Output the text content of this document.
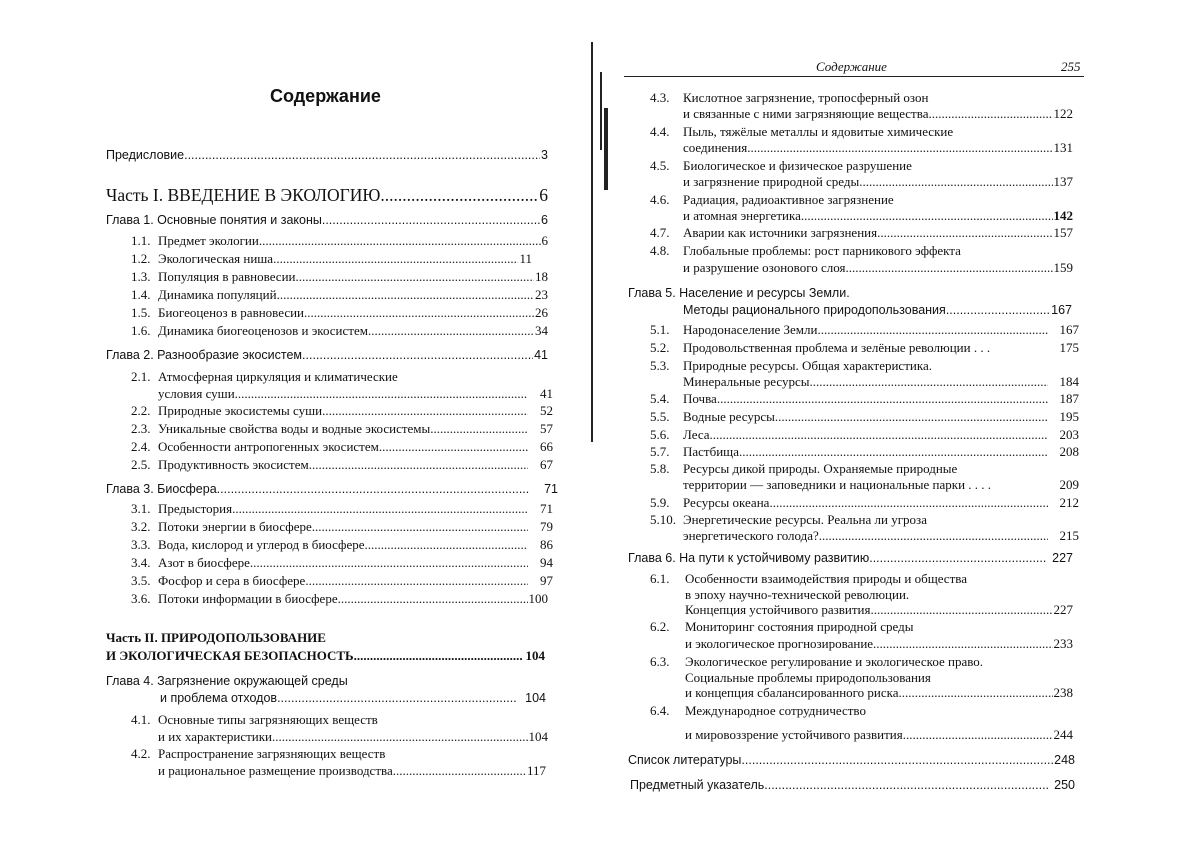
Содержание
Предисловие .....	3
Часть I. ВВЕДЕНИЕ В ЭКОЛОГИЮ .....	6
Глава 1. Основные понятия и законы .....	6
1.1. Предмет экологии .....	6
1.2. Экологическая ниша .....	11
1.3. Популяция в равновесии .....	18
1.4. Динамика популяций .....	23
1.5. Биогеоценоз в равновесии .....	26
1.6. Динамика биогеоценозов и экосистем .....	34
Глава 2. Разнообразие экосистем .....	41
2.1. Атмосферная циркуляция и климатические
условия суши .....	41
2.2. Природные экосистемы суши .....	52
2.3. Уникальные свойства воды и водные экосистемы .....	57
2.4. Особенности антропогенных экосистем .....	66
2.5. Продуктивность экосистем .....	67
Глава 3. Биосфера .....	71
3.1. Предыстория .....	71
3.2. Потоки энергии в биосфере .....	79
3.3. Вода, кислород и углерод в биосфере .....	86
3.4. Азот в биосфере .....	94
3.5. Фосфор и сера в биосфере .....	97
3.6. Потоки информации в биосфере .....	100
Часть II. ПРИРОДОПОЛЬЗОВАНИЕ
И ЭКОЛОГИЧЕСКАЯ БЕЗОПАСНОСТЬ .....	104
Глава 4. Загрязнение окружающей среды
и проблема отходов .....	104
4.1. Основные типы загрязняющих веществ
и их характеристики .....	104
4.2. Распространение загрязняющих веществ
и рациональное размещение производства .....	117
Содержание	255
4.3. Кислотное загрязнение, тропосферный озон
и связанные с ними загрязняющие вещества .....	122
4.4. Пыль, тяжёлые металлы и ядовитые химические
соединения .....	131
4.5. Биологическое и физическое разрушение
и загрязнение природной среды .....	137
4.6. Радиация, радиоактивное загрязнение
и атомная энергетика .....	142
4.7. Аварии как источники загрязнения .....	157
4.8. Глобальные проблемы: рост парникового эффекта
и разрушение озонового слоя .....	159
Глава 5. Население и ресурсы Земли.
Методы рационального природопользования .....	167
5.1. Народонаселение Земли .....	167
5.2. Продовольственная проблема и зелёные революции . . .	175
5.3. Природные ресурсы. Общая характеристика.
Минеральные ресурсы .....	184
5.4. Почва .....	187
5.5. Водные ресурсы .....	195
5.6. Леса .....	203
5.7. Пастбища .....	208
5.8. Ресурсы дикой природы. Охраняемые природные
территории — заповедники и национальные парки . . . .	209
5.9. Ресурсы океана .....	212
5.10. Энергетические ресурсы. Реальна ли угроза
энергетического голода? .....	215
Глава 6. На пути к устойчивому развитию .....	227
6.1. Особенности взаимодействия природы и общества
в эпоху научно-технической революции.
Концепция устойчивого развития .....	227
6.2. Мониторинг состояния природной среды
и экологическое прогнозирование .....	233
6.3. Экологическое регулирование и экологическое право.
Социальные проблемы природопользования
и концепция сбалансированного риска .....	238
6.4. Международное сотрудничество
и мировоззрение устойчивого развития .....	244
Список литературы .....	248
Предметный указатель .....	250
